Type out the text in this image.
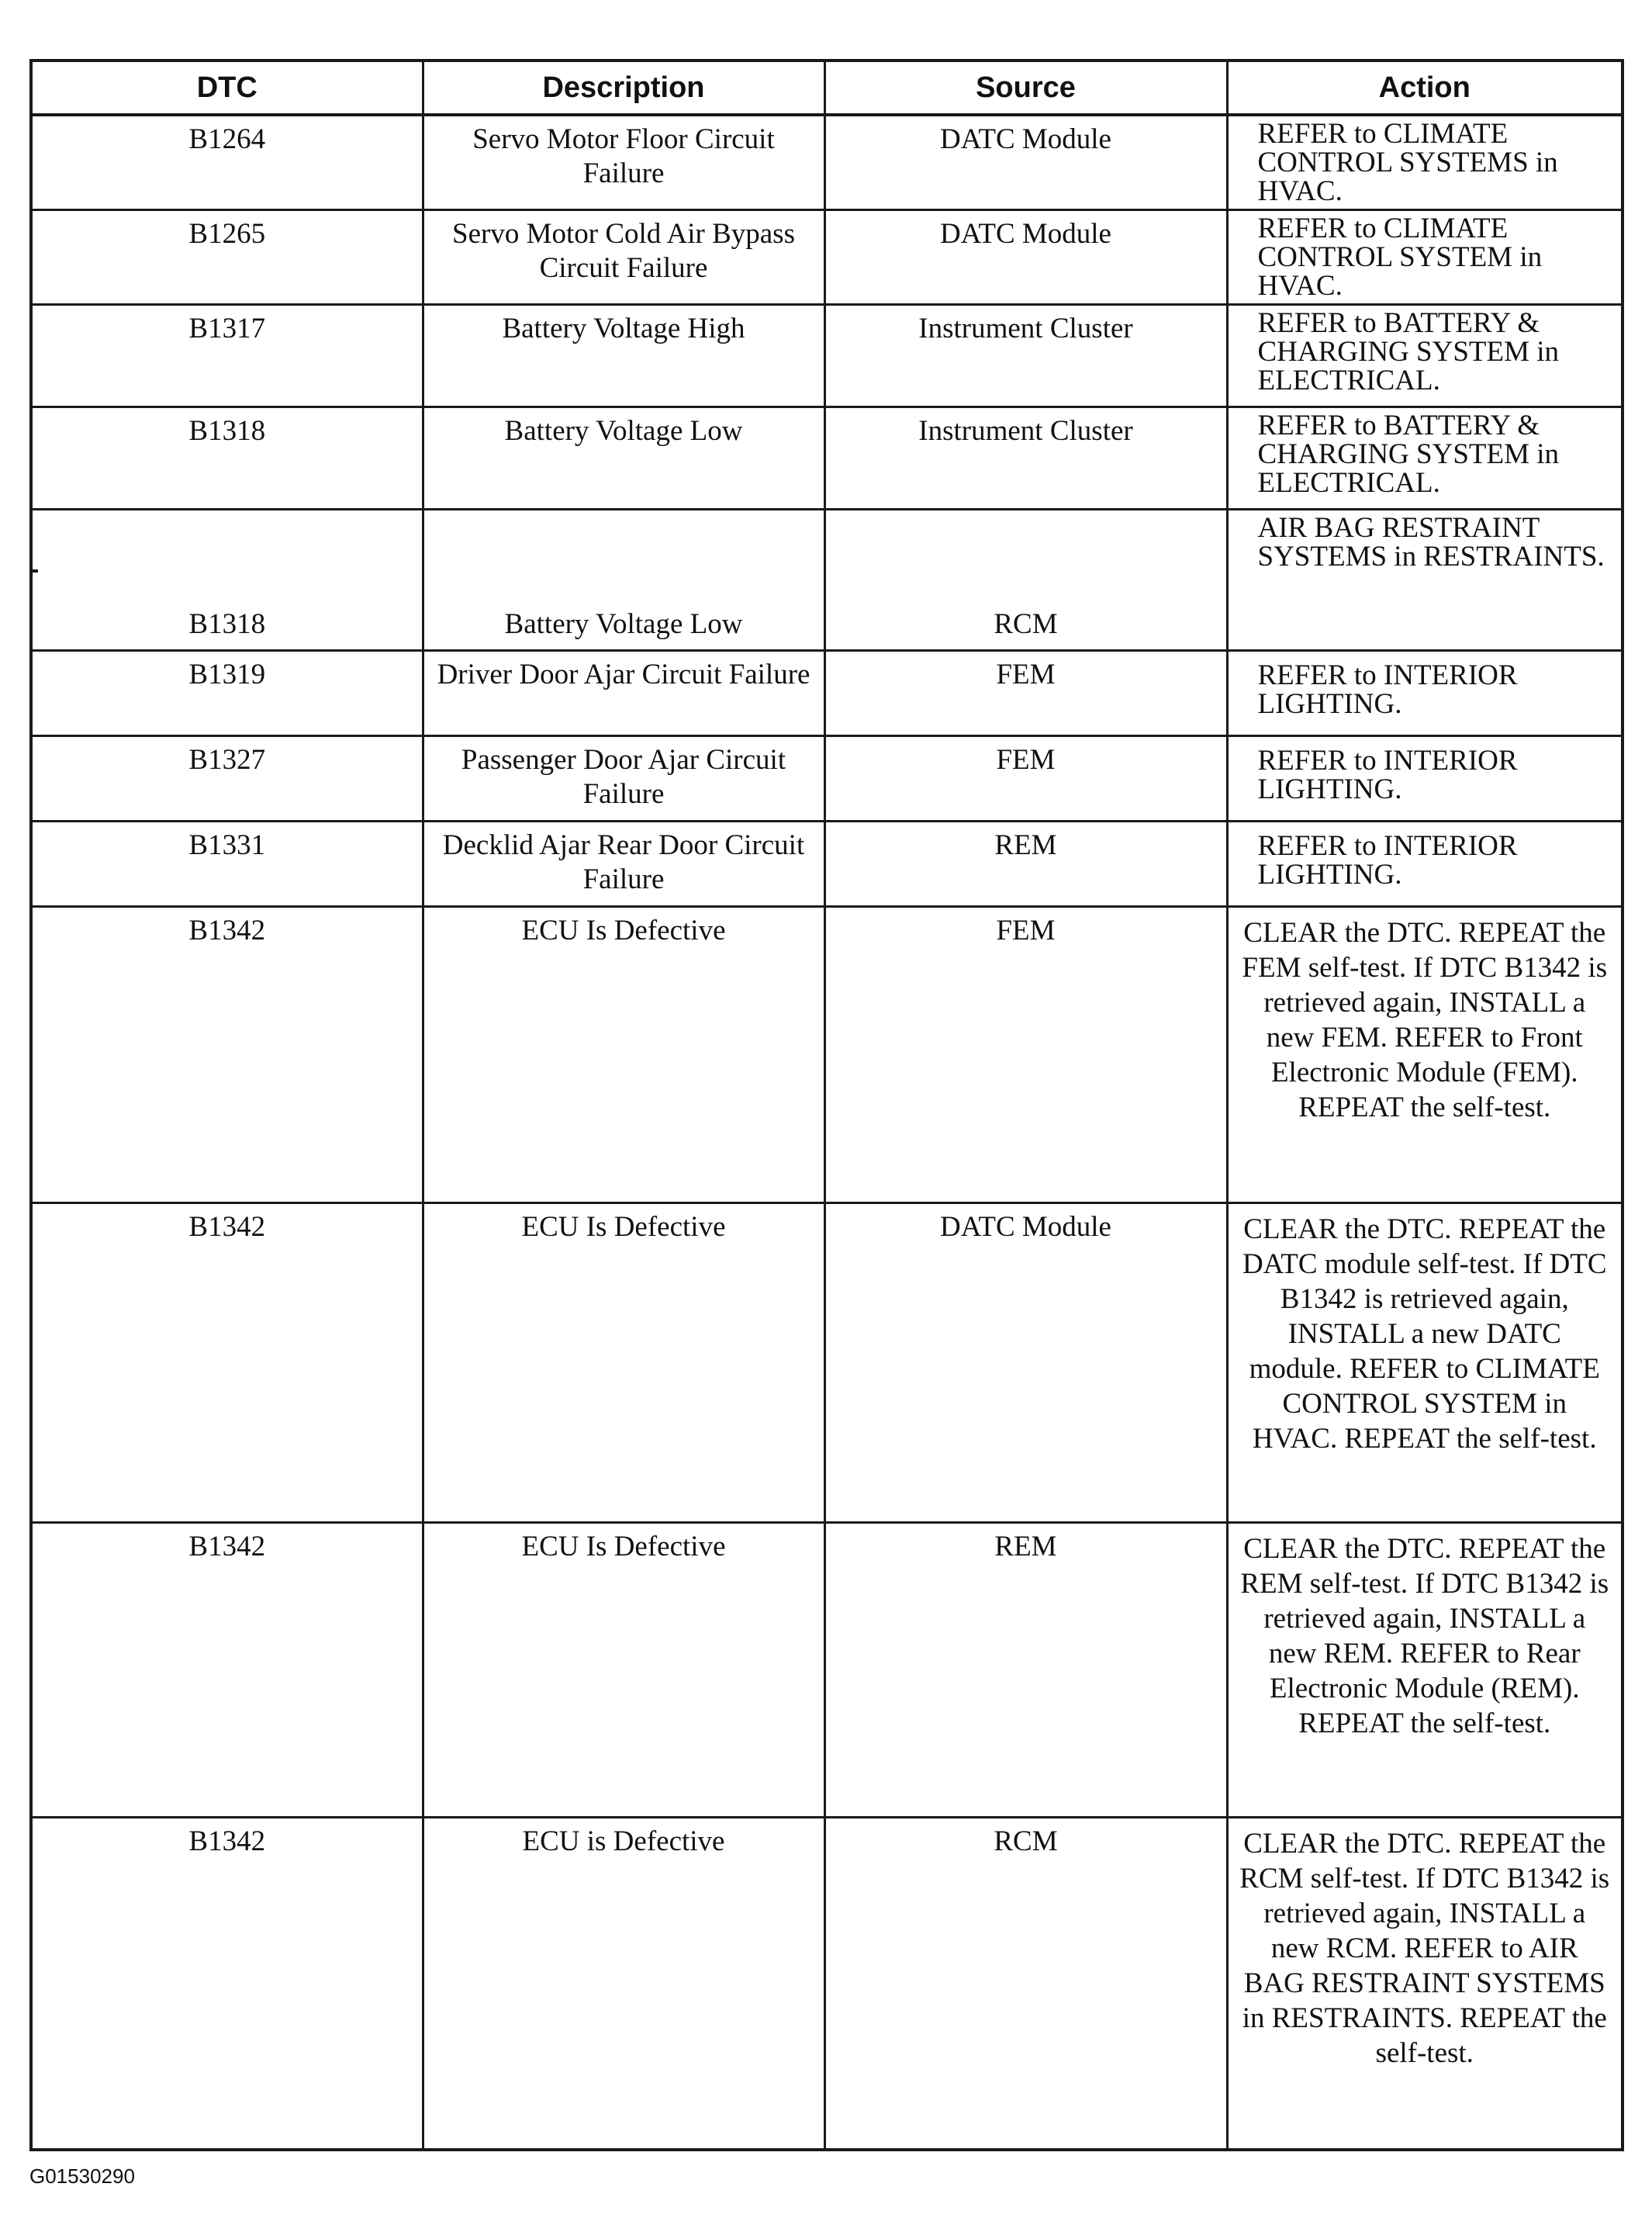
DTC	Description	Source	Action
B1264	Servo Motor Floor Circuit Failure	DATC Module	REFER to CLIMATE CONTROL SYSTEMS in HVAC.
B1265	Servo Motor Cold Air Bypass Circuit Failure	DATC Module	REFER to CLIMATE CONTROL SYSTEM in HVAC.
B1317	Battery Voltage High	Instrument Cluster	REFER to BATTERY & CHARGING SYSTEM in ELECTRICAL.
B1318	Battery Voltage Low	Instrument Cluster	REFER to BATTERY & CHARGING SYSTEM in ELECTRICAL.
B1318	Battery Voltage Low	RCM	AIR BAG RESTRAINT SYSTEMS in RESTRAINTS.
B1319	Driver Door Ajar Circuit Failure	FEM	REFER to INTERIOR LIGHTING.
B1327	Passenger Door Ajar Circuit Failure	FEM	REFER to INTERIOR LIGHTING.
B1331	Decklid Ajar Rear Door Circuit Failure	REM	REFER to INTERIOR LIGHTING.
B1342	ECU Is Defective	FEM	CLEAR the DTC. REPEAT the FEM self-test. If DTC B1342 is retrieved again, INSTALL a new FEM. REFER to Front Electronic Module (FEM). REPEAT the self-test.
B1342	ECU Is Defective	DATC Module	CLEAR the DTC. REPEAT the DATC module self-test. If DTC B1342 is retrieved again, INSTALL a new DATC module. REFER to CLIMATE CONTROL SYSTEM in HVAC. REPEAT the self-test.
B1342	ECU Is Defective	REM	CLEAR the DTC. REPEAT the REM self-test. If DTC B1342 is retrieved again, INSTALL a new REM. REFER to Rear Electronic Module (REM). REPEAT the self-test.
B1342	ECU is Defective	RCM	CLEAR the DTC. REPEAT the RCM self-test. If DTC B1342 is retrieved again, INSTALL a new RCM. REFER to AIR BAG RESTRAINT SYSTEMS in RESTRAINTS. REPEAT the self-test.
G01530290
